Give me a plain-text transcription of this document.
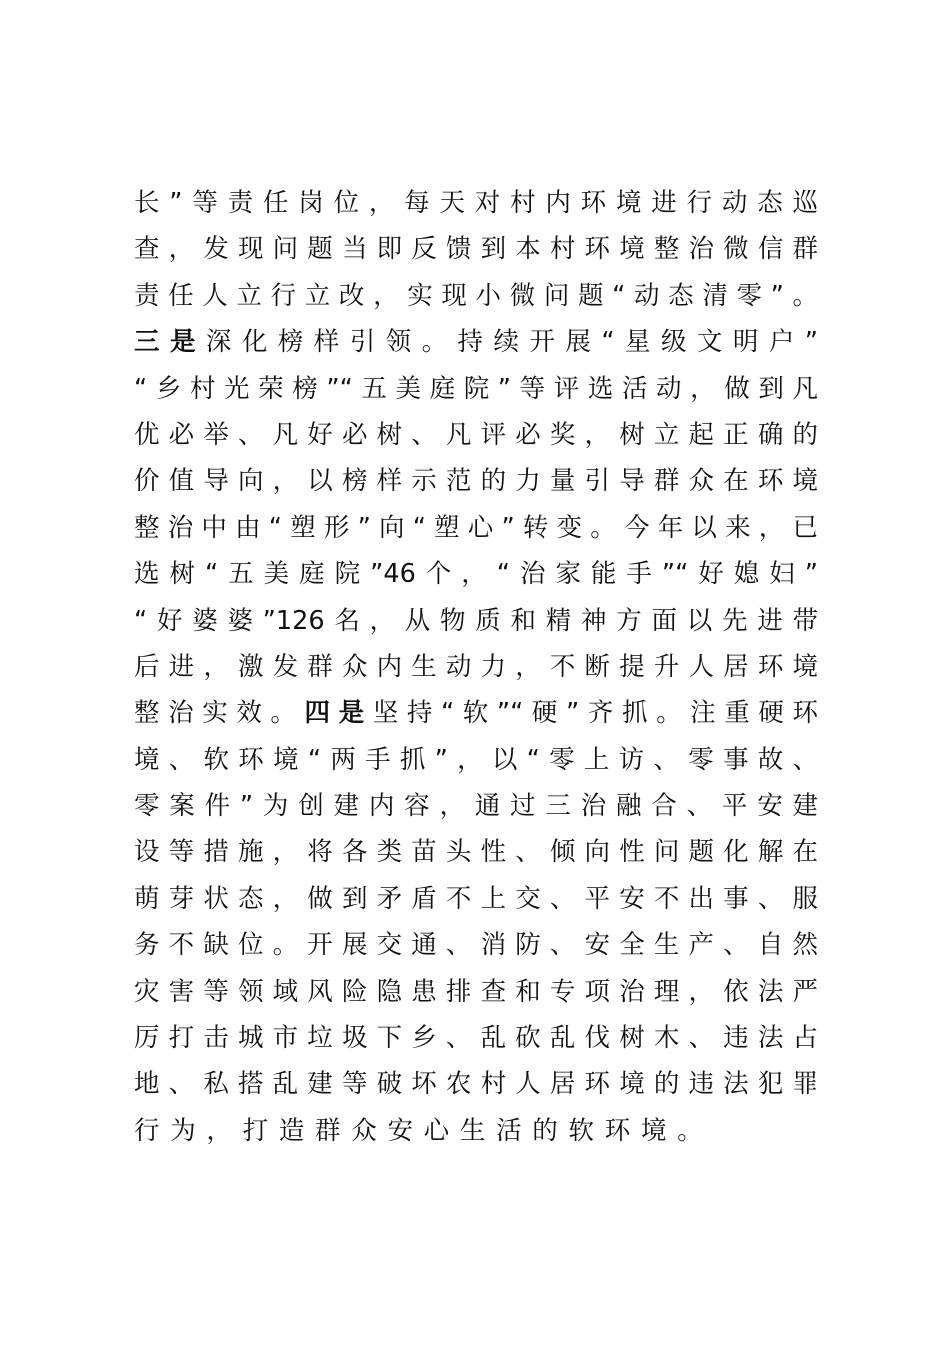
长”等责任岗位，每天对村内环境进行动态巡
查，发现问题当即反馈到本村环境整治微信群
责任人立行立改，实现小微问题“动态清零”。
三是深化榜样引领。持续开展“星级文明户”
“乡村光荣榜”“五美庭院”等评选活动，做到凡
优必举、凡好必树、凡评必奖，树立起正确的
价值导向，以榜样示范的力量引导群众在环境
整治中由“塑形”向“塑心”转变。今年以来，已
选树“五美庭院”46个，“治家能手”“好媳妇”
“好婆婆”126名，从物质和精神方面以先进带
后进，激发群众内生动力，不断提升人居环境
整治实效。四是坚持“软”“硬”齐抓。注重硬环
境、软环境“两手抓”，以“零上访、零事故、
零案件”为创建内容，通过三治融合、平安建
设等措施，将各类苗头性、倾向性问题化解在
萌芽状态，做到矛盾不上交、平安不出事、服
务不缺位。开展交通、消防、安全生产、自然
灾害等领域风险隐患排查和专项治理，依法严
厉打击城市垃圾下乡、乱砍乱伐树木、违法占
地、私搭乱建等破坏农村人居环境的违法犯罪
行为，打造群众安心生活的软环境。
